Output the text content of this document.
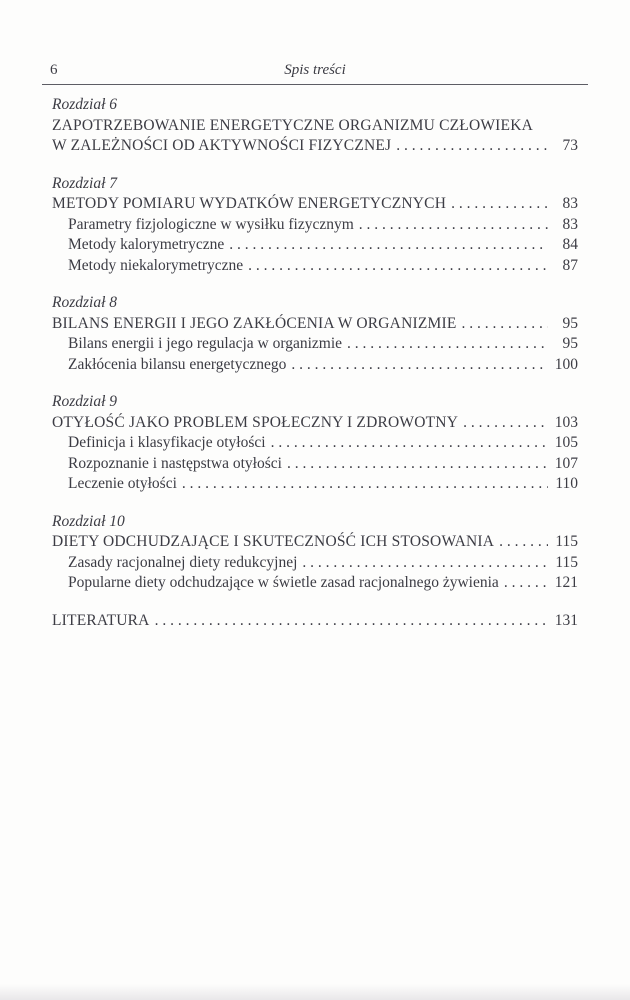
6	Spis treści
Rozdział 6
ZAPOTRZEBOWANIE ENERGETYCZNE ORGANIZMU CZŁOWIEKA
W ZALEŻNOŚCI OD AKTYWNOŚCI FIZYCZNEJ . . .	73
Rozdział 7
METODY POMIARU WYDATKÓW ENERGETYCZNYCH . . .	83
Parametry fizjologiczne w wysiłku fizycznym . . .	83
Metody kalorymetryczne . . .	84
Metody niekalorymetryczne . . .	87
Rozdział 8
BILANS ENERGII I JEGO ZAKŁÓCENIA W ORGANIZMIE . . .	95
Bilans energii i jego regulacja w organizmie . . .	95
Zakłócenia bilansu energetycznego . . .	100
Rozdział 9
OTYŁOŚĆ JAKO PROBLEM SPOŁECZNY I ZDROWOTNY . . .	103
Definicja i klasyfikacje otyłości . . .	105
Rozpoznanie i następstwa otyłości . . .	107
Leczenie otyłości . . .	110
Rozdział 10
DIETY ODCHUDZAJĄCE I SKUTECZNOŚĆ ICH STOSOWANIA . . .	115
Zasady racjonalnej diety redukcyjnej . . .	115
Popularne diety odchudzające w świetle zasad racjonalnego żywienia . . .	121
LITERATURA . . .	131
